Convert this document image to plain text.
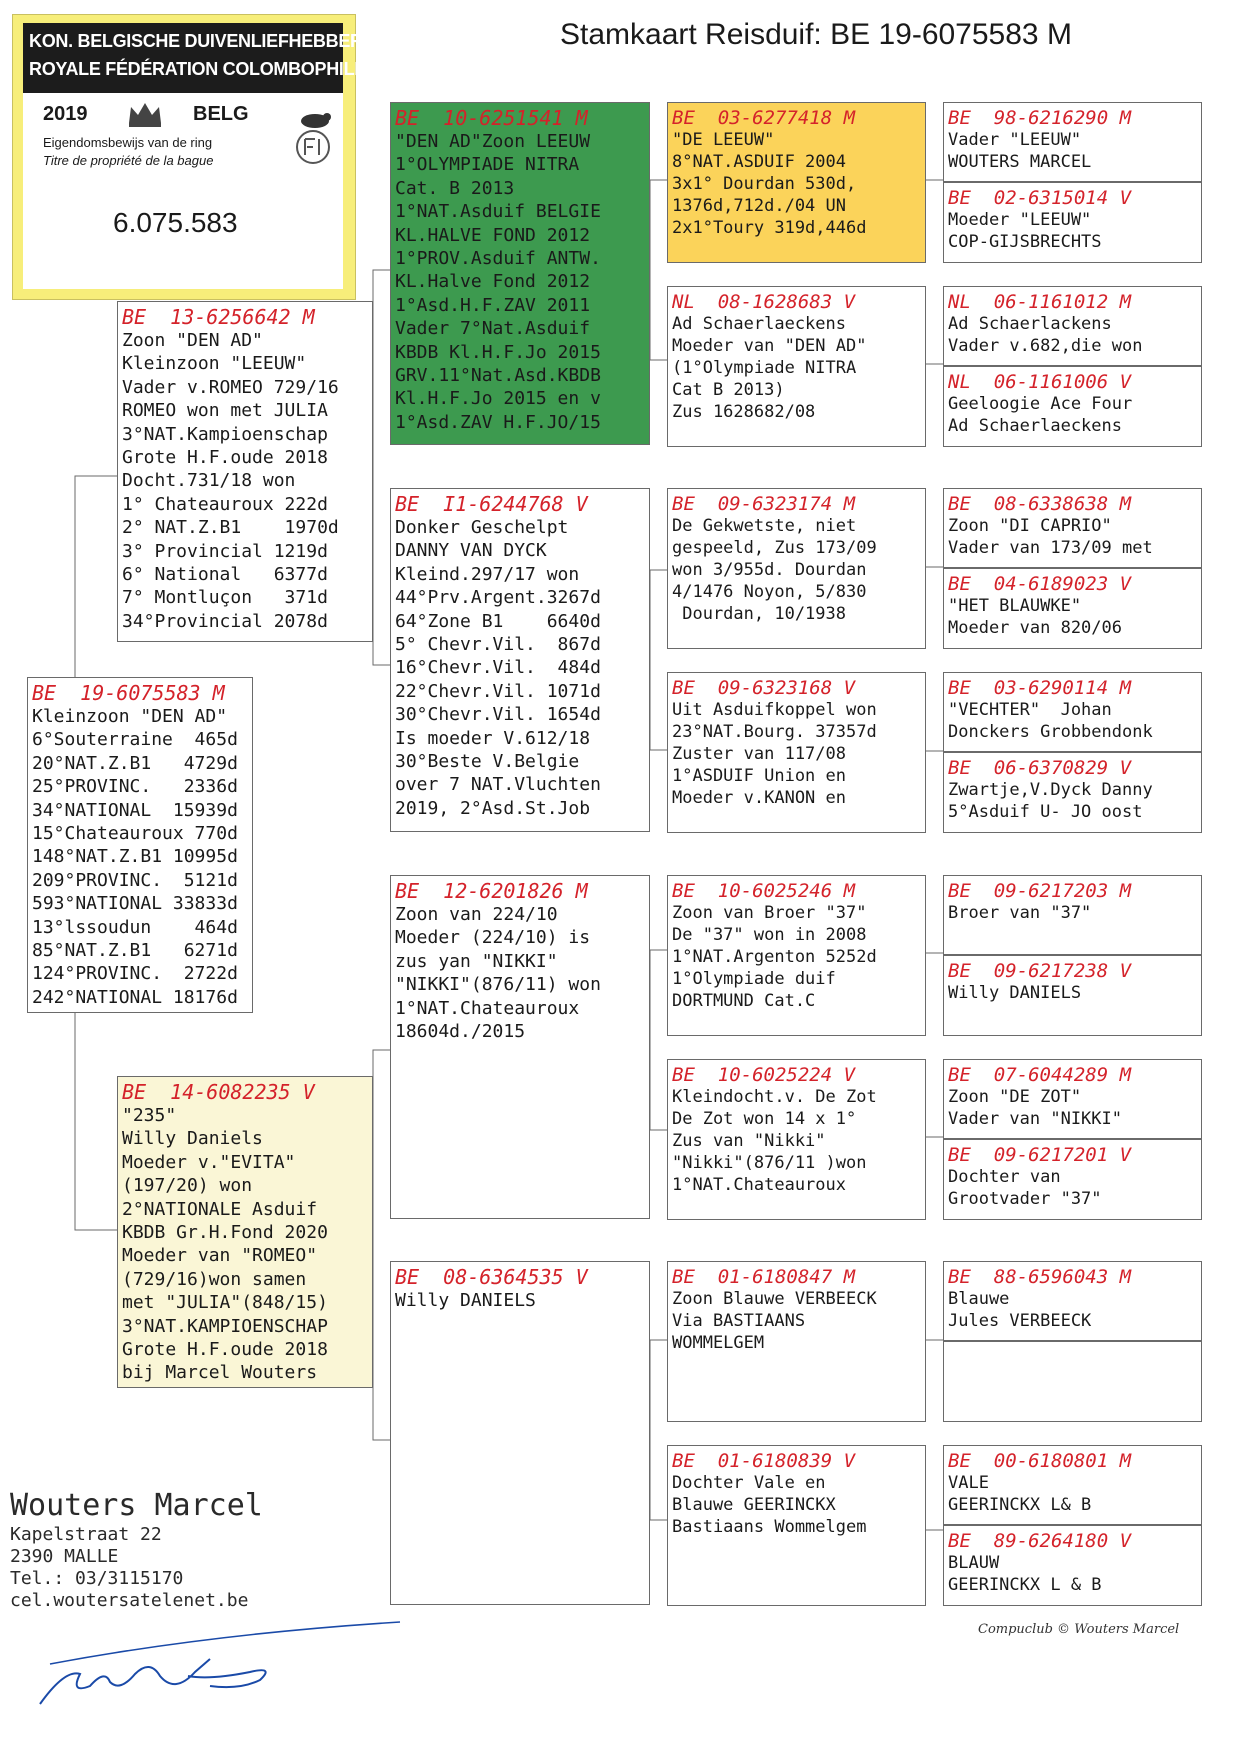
Stamkaart Reisduif: BE 19-6075583 M
KON. BELGISCHE DUIVENLIEFHEBBERSBOND
ROYALE FÉDÉRATION COLOMBOPHILE BELGE
2019	BELG
Eigendomsbewijs van de ring
Titre de propriété de la bague
6.075.583
BE  19-6075583 M
Kleinzoon "DEN AD"
6°Souterraine  465d
20°NAT.Z.B1   4729d
25°PROVINC.   2336d
34°NATIONAL  15939d
15°Chateauroux 770d
148°NAT.Z.B1 10995d
209°PROVINC.  5121d
593°NATIONAL 33833d
13°lssoudun    464d
85°NAT.Z.B1   6271d
124°PROVINC.  2722d
242°NATIONAL 18176d
BE  13-6256642 M
Zoon "DEN AD"
Kleinzoon "LEEUW"
Vader v.ROMEO 729/16
ROMEO won met JULIA
3°NAT.Kampioenschap
Grote H.F.oude 2018
Docht.731/18 won
1° Chateauroux 222d
2° NAT.Z.B1    1970d
3° Provincial 1219d
6° National   6377d
7° Montluçon   371d
34°Provincial 2078d
BE  14-6082235 V
"235"
Willy Daniels
Moeder v."EVITA"
(197/20) won
2°NATIONALE Asduif
KBDB Gr.H.Fond 2020
Moeder van "ROMEO"
(729/16)won samen
met "JULIA"(848/15)
3°NAT.KAMPIOENSCHAP
Grote H.F.oude 2018
bij Marcel Wouters
BE  10-6251541 M
"DEN AD"Zoon LEEUW
1°OLYMPIADE NITRA
Cat. B 2013
1°NAT.Asduif BELGIE
KL.HALVE FOND 2012
1°PROV.Asduif ANTW.
KL.Halve Fond 2012
1°Asd.H.F.ZAV 2011
Vader 7°Nat.Asduif
KBDB Kl.H.F.Jo 2015
GRV.11°Nat.Asd.KBDB
Kl.H.F.Jo 2015 en v
1°Asd.ZAV H.F.JO/15
BE  I1-6244768 V
Donker Geschelpt
DANNY VAN DYCK
Kleind.297/17 won
44°Prv.Argent.3267d
64°Zone B1    6640d
5° Chevr.Vil.  867d
16°Chevr.Vil.  484d
22°Chevr.Vil. 1071d
30°Chevr.Vil. 1654d
Is moeder V.612/18
30°Beste V.Belgie
over 7 NAT.Vluchten
2019, 2°Asd.St.Job
BE  12-6201826 M
Zoon van 224/10
Moeder (224/10) is
zus yan "NIKKI"
"NIKKI"(876/11) won
1°NAT.Chateauroux
18604d./2015
BE  08-6364535 V
Willy DANIELS
BE  03-6277418 M
"DE LEEUW"
8°NAT.ASDUIF 2004
3x1° Dourdan 530d,
1376d,712d./04 UN
2x1°Toury 319d,446d
NL  08-1628683 V
Ad Schaerlaeckens
Moeder van "DEN AD"
(1°Olympiade NITRA
Cat B 2013)
Zus 1628682/08
BE  09-6323174 M
De Gekwetste, niet
gespeeld, Zus 173/09
won 3/955d. Dourdan
4/1476 Noyon, 5/830
Dourdan, 10/1938
BE  09-6323168 V
Uit Asduifkoppel won
23°NAT.Bourg. 37357d
Zuster van 117/08
1°ASDUIF Union en
Moeder v.KANON en
BE  10-6025246 M
Zoon van Broer "37"
De "37" won in 2008
1°NAT.Argenton 5252d
1°Olympiade duif
DORTMUND Cat.C
BE  10-6025224 V
Kleindocht.v. De Zot
De Zot won 14 x 1°
Zus van "Nikki"
"Nikki"(876/11 )won
1°NAT.Chateauroux
BE  01-6180847 M
Zoon Blauwe VERBEECK
Via BASTIAANS
WOMMELGEM
BE  01-6180839 V
Dochter Vale en
Blauwe GEERINCKX
Bastiaans Wommelgem
BE  98-6216290 M
Vader "LEEUW"
WOUTERS MARCEL
BE  02-6315014 V
Moeder "LEEUW"
COP-GIJSBRECHTS
NL  06-1161012 M
Ad Schaerlackens
Vader v.682,die won
NL  06-1161006 V
Geeloogie Ace Four
Ad Schaerlaeckens
BE  08-6338638 M
Zoon "DI CAPRIO"
Vader van 173/09 met
BE  04-6189023 V
"HET BLAUWKE"
Moeder van 820/06
BE  03-6290114 M
"VECHTER"  Johan
Donckers Grobbendonk
BE  06-6370829 V
Zwartje,V.Dyck Danny
5°Asduif U- JO oost
BE  09-6217203 M
Broer van "37"
BE  09-6217238 V
Willy DANIELS
BE  07-6044289 M
Zoon "DE ZOT"
Vader van "NIKKI"
BE  09-6217201 V
Dochter van
Grootvader "37"
BE  88-6596043 M
Blauwe
Jules VERBEECK
BE  00-6180801 M
VALE
GEERINCKX L& B
BE  89-6264180 V
BLAUW
GEERINCKX L & B
Wouters Marcel
Kapelstraat 22
2390 MALLE
Tel.: 03/3115170
cel.woutersatelenet.be
Compuclub © Wouters Marcel
